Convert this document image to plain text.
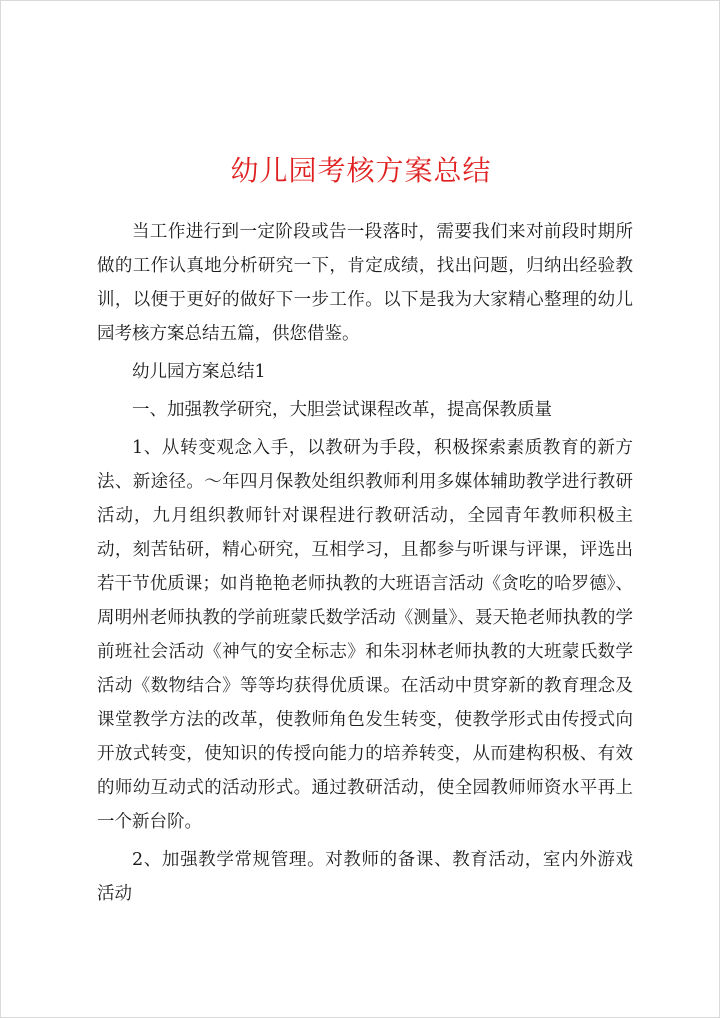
幼儿园考核方案总结

当工作进行到一定阶段或告一段落时，需要我们来对前段时期所做的工作认真地分析研究一下，肯定成绩，找出问题，归纳出经验教训，以便于更好的做好下一步工作。以下是我为大家精心整理的幼儿园考核方案总结五篇，供您借鉴。

幼儿园方案总结1

一、加强教学研究，大胆尝试课程改革，提高保教质量

1、从转变观念入手，以教研为手段，积极探索素质教育的新方法、新途径。～年四月保教处组织教师利用多媒体辅助教学进行教研活动，九月组织教师针对课程进行教研活动，全园青年教师积极主动，刻苦钻研，精心研究，互相学习，且都参与听课与评课，评选出若干节优质课；如肖艳艳老师执教的大班语言活动《贪吃的哈罗德》、周明州老师执教的学前班蒙氏数学活动《测量》、聂天艳老师执教的学前班社会活动《神气的安全标志》和朱羽林老师执教的大班蒙氏数学活动《数物结合》等等均获得优质课。在活动中贯穿新的教育理念及课堂教学方法的改革，使教师角色发生转变，使教学形式由传授式向开放式转变，使知识的传授向能力的培养转变，从而建构积极、有效的师幼互动式的活动形式。通过教研活动，使全园教师师资水平再上一个新台阶。

2、加强教学常规管理。对教师的备课、教育活动，室内外游戏活动
